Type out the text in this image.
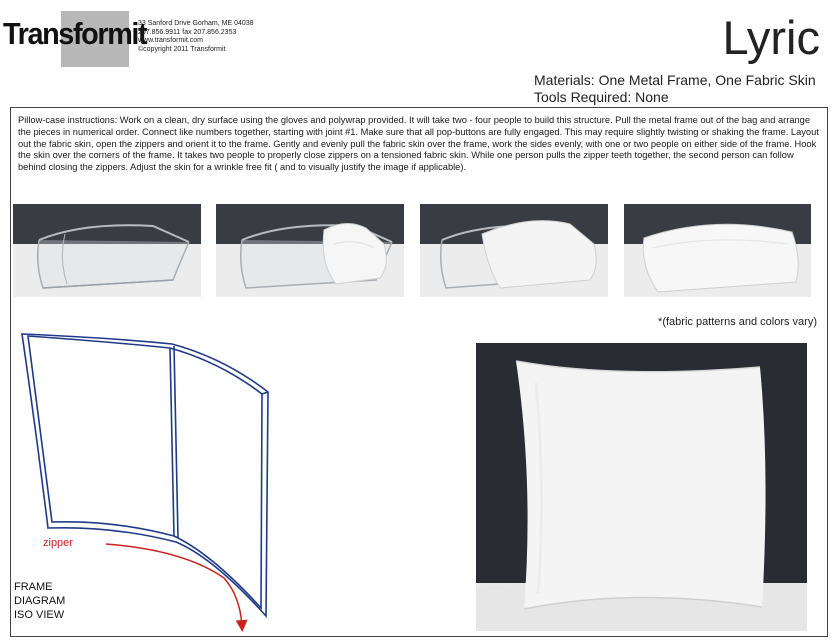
Transformit
33 Sanford Drive Gorham, ME 04038
207.856.9911 fax 207.856.2353
www.transformit.com
©copyright 2011 Transformit	Lyric
Materials: One Metal Frame, One Fabric Skin
Tools Required: None
Pillow-case instructions: Work on a clean, dry surface using the gloves and polywrap provided. It will take two - four people to build this structure. Pull the metal frame out of the bag and arrange the pieces in numerical order. Connect like numbers together, starting with joint #1. Make sure that all pop-buttons are fully engaged. This may require slightly twisting or shaking the frame. Layout out the fabric skin, open the zippers and orient it to the frame. Gently and evenly pull the fabric skin over the frame, work the sides evenly, with one or two people on either side of the frame. Hook the skin over the corners of the frame. It takes two people to properly close zippers on a tensioned fabric skin. While one person pulls the zipper teeth together, the second person can follow behind closing the zippers. Adjust the skin for a wrinkle free fit ( and to visually justify the image if applicable).
*(fabric patterns and colors vary)
zipper
FRAME
DIAGRAM
ISO VIEW
